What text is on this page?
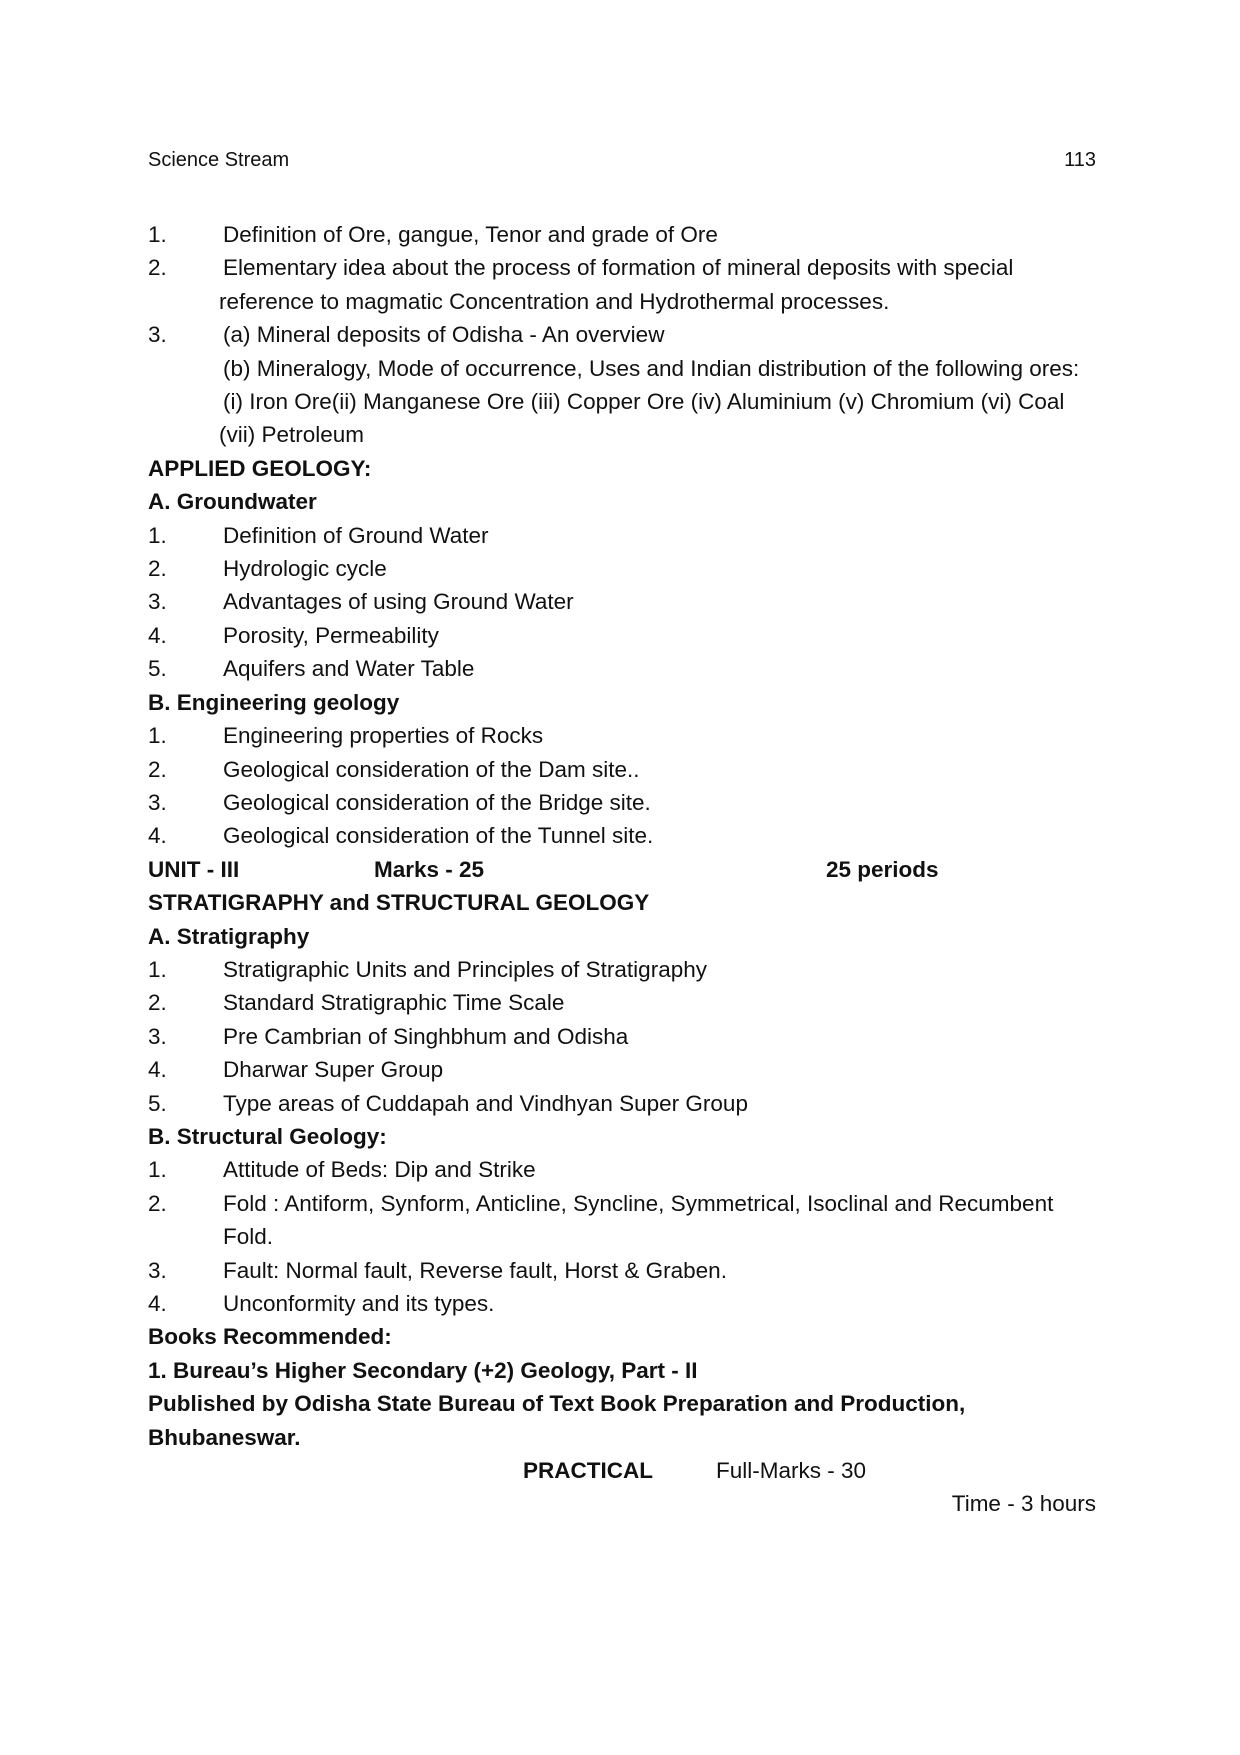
Science Stream	113
1.	Definition of Ore, gangue, Tenor and grade of Ore
2.	Elementary idea about the process of formation of mineral deposits with special
reference to magmatic Concentration and Hydrothermal processes.
3.	(a) Mineral deposits of Odisha - An overview
(b) Mineralogy, Mode of occurrence, Uses and Indian distribution of the following ores:
(i) Iron Ore(ii) Manganese Ore (iii) Copper Ore (iv) Aluminium (v) Chromium (vi) Coal
(vii) Petroleum
APPLIED GEOLOGY:
A. Groundwater
1.	Definition of Ground Water
2.	Hydrologic cycle
3.	Advantages of using Ground Water
4.	Porosity, Permeability
5.	Aquifers and Water Table
B. Engineering geology
1.	Engineering properties of Rocks
2.	Geological consideration of the Dam site..
3.	Geological consideration of the Bridge site.
4.	Geological consideration of the Tunnel site.
UNIT - III	Marks - 25	25 periods
STRATIGRAPHY and STRUCTURAL GEOLOGY
A. Stratigraphy
1.	Stratigraphic Units and Principles of Stratigraphy
2.	Standard Stratigraphic Time Scale
3.	Pre Cambrian of Singhbhum and Odisha
4.	Dharwar Super Group
5.	Type areas of Cuddapah and Vindhyan Super Group
B. Structural Geology:
1.	Attitude of Beds: Dip and Strike
2.	Fold : Antiform, Synform, Anticline, Syncline, Symmetrical, Isoclinal and Recumbent
Fold.
3.	Fault: Normal fault, Reverse fault, Horst & Graben.
4.	Unconformity and its types.
Books Recommended:
1. Bureau’s Higher Secondary (+2) Geology, Part - II
Published by Odisha State Bureau of Text Book Preparation and Production,
Bhubaneswar.
PRACTICAL	Full-Marks - 30
Time - 3 hours
